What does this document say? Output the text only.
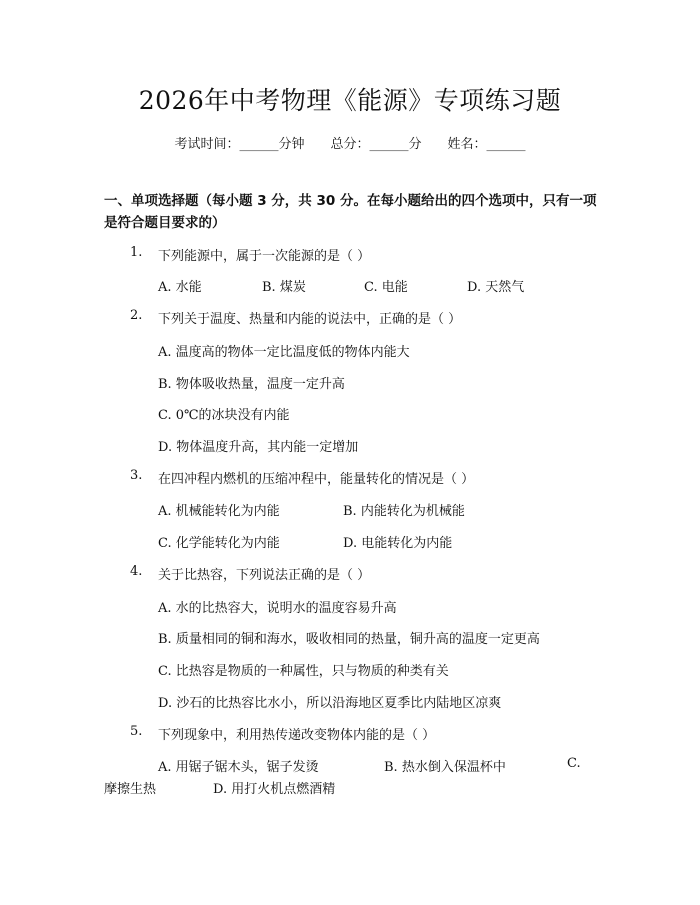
2026年中考物理《能源》专项练习题
考试时间：______分钟 总分：______分 姓名：______
一、单项选择题（每小题 3 分，共 30 分。在每小题给出的四个选项中，只有一项是符合题目要求的）
1. 下列能源中，属于一次能源的是（ ）
A. 水能	B. 煤炭	C. 电能	D. 天然气
2. 下列关于温度、热量和内能的说法中，正确的是（ ）
A. 温度高的物体一定比温度低的物体内能大
B. 物体吸收热量，温度一定升高
C. 0℃的冰块没有内能
D. 物体温度升高，其内能一定增加
3. 在四冲程内燃机的压缩冲程中，能量转化的情况是（ ）
A. 机械能转化为内能	B. 内能转化为机械能
C. 化学能转化为内能	D. 电能转化为内能
4. 关于比热容，下列说法正确的是（ ）
A. 水的比热容大，说明水的温度容易升高
B. 质量相同的铜和海水，吸收相同的热量，铜升高的温度一定更高
C. 比热容是物质的一种属性，只与物质的种类有关
D. 沙石的比热容比水小，所以沿海地区夏季比内陆地区凉爽
5. 下列现象中，利用热传递改变物体内能的是（ ）
A. 用锯子锯木头，锯子发烫	B. 热水倒入保温杯中	C.
摩擦生热	D. 用打火机点燃酒精
